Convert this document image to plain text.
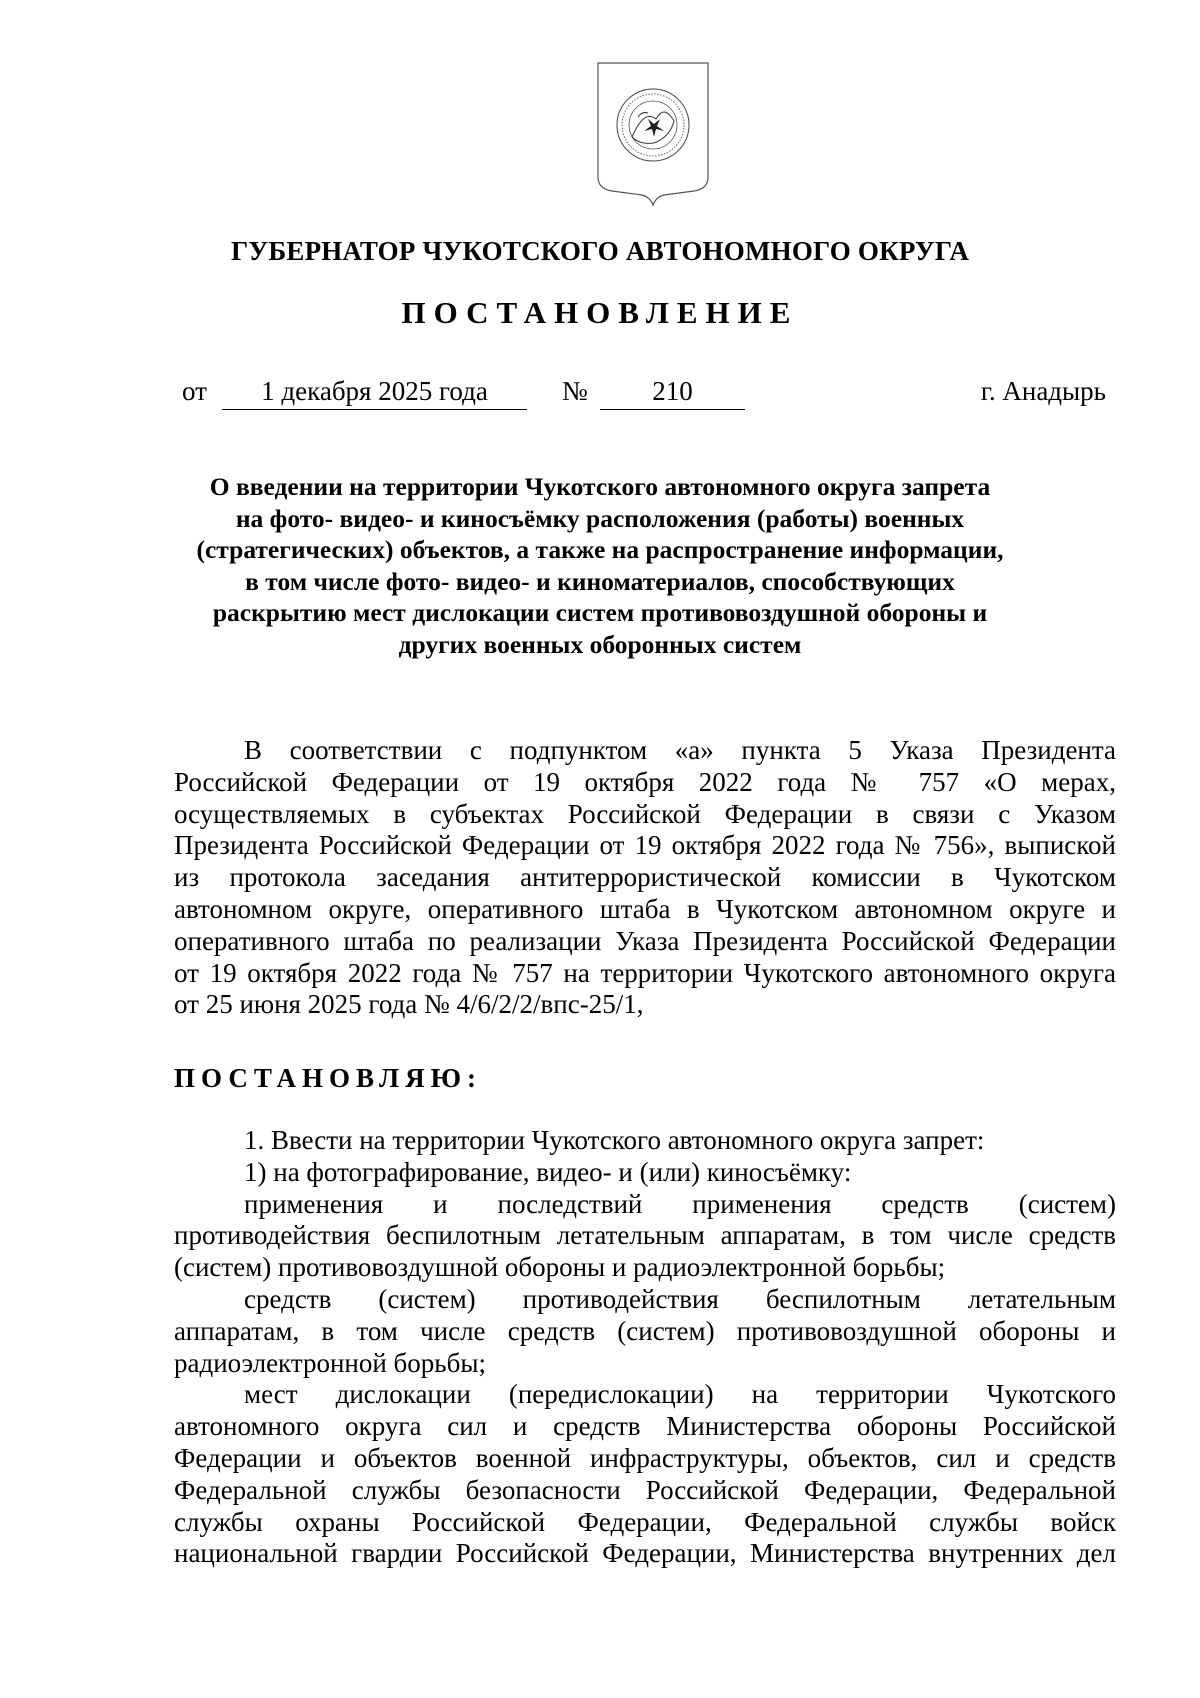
ГУБЕРНАТОР ЧУКОТСКОГО АВТОНОМНОГО ОКРУГА
ПОСТАНОВЛЕНИЕ
от	1 декабря 2025 года	№	210	г. Анадырь
О введении на территории Чукотского автономного округа запрета
на фото- видео- и киносъёмку расположения (работы) военных
(стратегических) объектов, а также на распространение информации,
в том числе фото- видео- и киноматериалов, способствующих
раскрытию мест дислокации систем противовоздушной обороны и
других военных оборонных систем
В соответствии с подпунктом «а» пункта 5 Указа Президента
Российской Федерации от 19 октября 2022 года № 757 «О мерах,
осуществляемых в субъектах Российской Федерации в связи с Указом
Президента Российской Федерации от 19 октября 2022 года № 756», выпиской
из протокола заседания антитеррористической комиссии в Чукотском
автономном округе, оперативного штаба в Чукотском автономном округе и
оперативного штаба по реализации Указа Президента Российской Федерации
от 19 октября 2022 года № 757 на территории Чукотского автономного округа
от 25 июня 2025 года № 4/6/2/2/впс-25/1,
ПОСТАНОВЛЯЮ:
1. Ввести на территории Чукотского автономного округа запрет:
1) на фотографирование, видео- и (или) киносъёмку:
применения и последствий применения средств (систем)
противодействия беспилотным летательным аппаратам, в том числе средств
(систем) противовоздушной обороны и радиоэлектронной борьбы;
средств (систем) противодействия беспилотным летательным
аппаратам, в том числе средств (систем) противовоздушной обороны и
радиоэлектронной борьбы;
мест дислокации (передислокации) на территории Чукотского
автономного округа сил и средств Министерства обороны Российской
Федерации и объектов военной инфраструктуры, объектов, сил и средств
Федеральной службы безопасности Российской Федерации, Федеральной
службы охраны Российской Федерации, Федеральной службы войск
национальной гвардии Российской Федерации, Министерства внутренних дел
